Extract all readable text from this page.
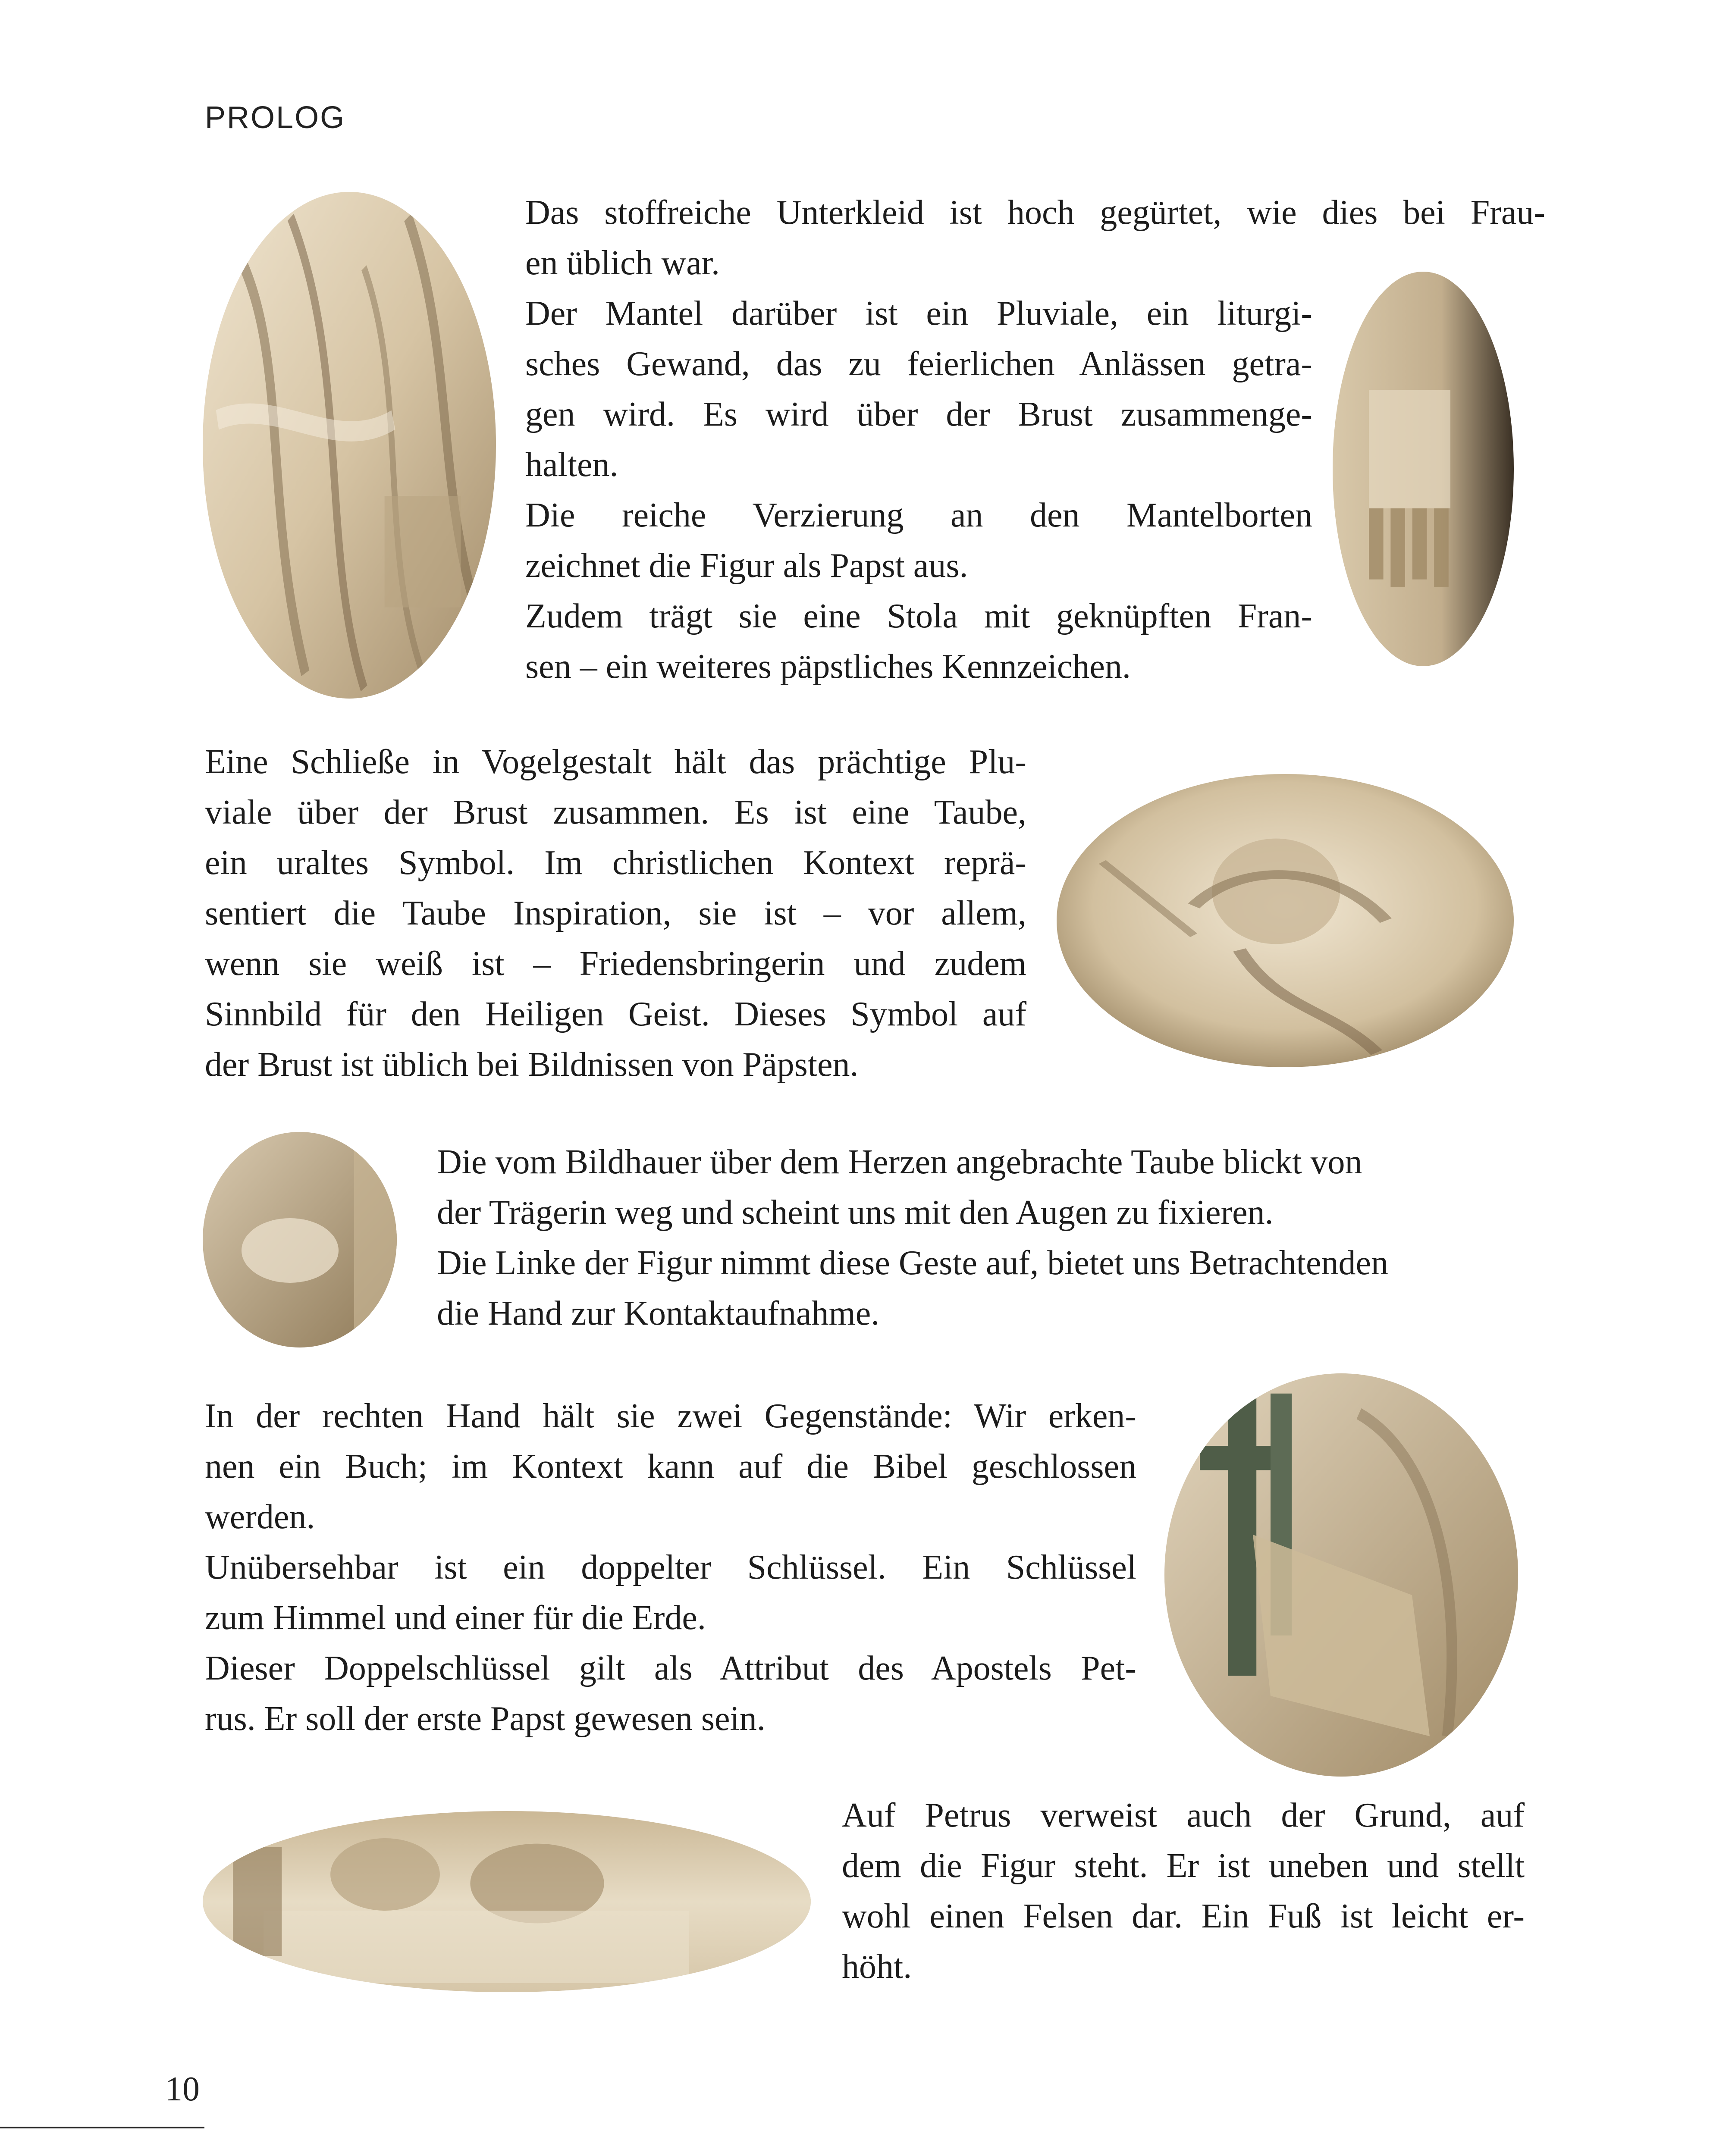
PROLOG
Das stoffreiche Unterkleid ist hoch gegürtet, wie dies bei Frau-
en üblich war.
Der Mantel darüber ist ein Pluviale, ein liturgi-
sches Gewand, das zu feierlichen Anlässen getra-
gen wird. Es wird über der Brust zusammenge-
halten.
Die reiche Verzierung an den Mantelborten
zeichnet die Figur als Papst aus.
Zudem trägt sie eine Stola mit geknüpften Fran-
sen – ein weiteres päpstliches Kennzeichen.
Eine Schließe in Vogelgestalt hält das prächtige Plu-
viale über der Brust zusammen. Es ist eine Taube,
ein uraltes Symbol. Im christlichen Kontext reprä-
sentiert die Taube Inspiration, sie ist – vor allem,
wenn sie weiß ist – Friedensbringerin und zudem
Sinnbild für den Heiligen Geist. Dieses Symbol auf
der Brust ist üblich bei Bildnissen von Päpsten.
Die vom Bildhauer über dem Herzen angebrachte Taube blickt von
der Trägerin weg und scheint uns mit den Augen zu fixieren.
Die Linke der Figur nimmt diese Geste auf, bietet uns Betrachtenden
die Hand zur Kontaktaufnahme.
In der rechten Hand hält sie zwei Gegenstände: Wir erken-
nen ein Buch; im Kontext kann auf die Bibel geschlossen
werden.
Unübersehbar ist ein doppelter Schlüssel. Ein Schlüssel
zum Himmel und einer für die Erde.
Dieser Doppelschlüssel gilt als Attribut des Apostels Pet-
rus. Er soll der erste Papst gewesen sein.
Auf Petrus verweist auch der Grund, auf
dem die Figur steht. Er ist uneben und stellt
wohl einen Felsen dar. Ein Fuß ist leicht er-
höht.
10
